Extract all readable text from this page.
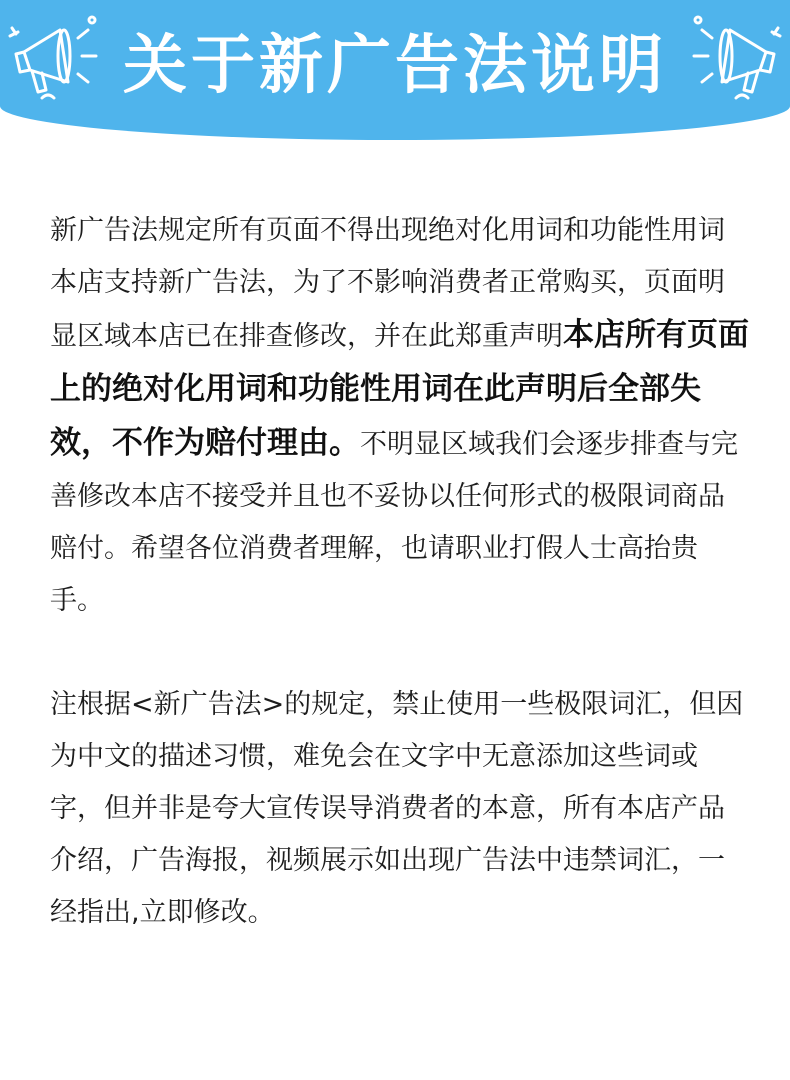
关于新广告法说明

新广告法规定所有页面不得出现绝对化用词和功能性用词本店支持新广告法，为了不影响消费者正常购买，页面明显区域本店已在排查修改，并在此郑重声明本店所有页面上的绝对化用词和功能性用词在此声明后全部失效，不作为赔付理由。不明显区域我们会逐步排查与完善修改本店不接受并且也不妥协以任何形式的极限词商品赔付。希望各位消费者理解，也请职业打假人士高抬贵手。

注根据<新广告法>的规定，禁止使用一些极限词汇，但因为中文的描述习惯，难免会在文字中无意添加这些词或字，但并非是夸大宣传误导消费者的本意，所有本店产品介绍，广告海报，视频展示如出现广告法中违禁词汇，一经指出,立即修改。
